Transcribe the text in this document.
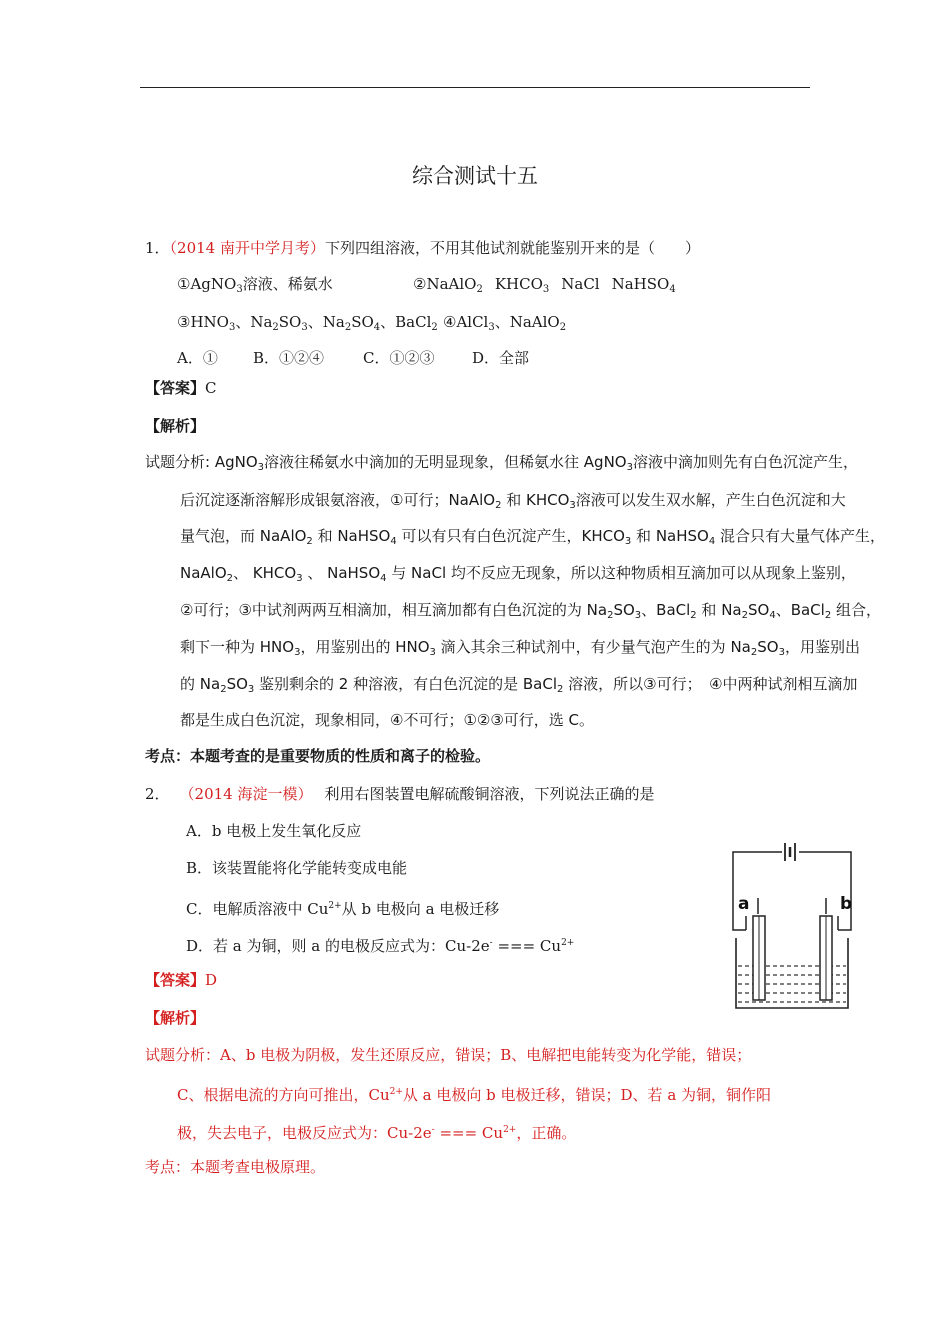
综合测试十五
1．（2014 南开中学月考）下列四组溶液，不用其他试剂就能鉴别开来的是（　　）
①AgNO$_3$溶液、稀氨水	②NaAlO$_2$ $KHCO_3$ NaCl NaHSO$_4$
$③HNO_3$、$Na_2SO_3$、$Na_2SO_4$、BaCl$_2$ ④AlCl$_3$、NaAlO$_2$
A．① B．①②④	C．①②③	D．全部
【答案】C
【解析】
试题分析: AgNO$_3$溶液往稀氨水中滴加的无明显现象，但稀氨水往 AgNO$_3$溶液中滴加则先有白色沉淀产生，
后沉淀逐渐溶解形成银氨溶液，①可行；NaAlO$_2$ 和 $KHCO_3$溶液可以发生双水解，产生白色沉淀和大
量气泡，而 NaAlO$_2$ 和 NaHSO$_4$ 可以有只有白色沉淀产生，$KHCO_3$ 和 NaHSO$_4$ 混合只有大量气体产生，
NaAlO$_2$、 $KHCO_3$ 、 NaHSO$_4$ 与 NaCl 均不反应无现象，所以这种物质相互滴加可以从现象上鉴别，
②可行；③中试剂两两互相滴加，相互滴加都有白色沉淀的为 $Na_2SO_3$、BaCl$_2$ 和 $Na_2SO_4$、BaCl$_2$ 组合，
剩下一种为 $HNO_3$，用鉴别出的 $HNO_3$ 滴入其余三种试剂中，有少量气泡产生的为 $Na_2SO_3$，用鉴别出
的 $Na_2SO_3$ 鉴别剩余的 2 种溶液，有白色沉淀的是 BaCl$_2$ 溶液，所以③可行；　④中两种试剂相互滴加
都是生成白色沉淀，现象相同，④不可行；①②③可行，选 C。
考点：本题考查的是重要物质的性质和离子的检验。
2． （2014 海淀一模） 利用右图装置电解硫酸铜溶液，下列说法正确的是
A．b 电极上发生氧化反应
B．该装置能将化学能转变成电能
C．电解质溶液中 $Cu^{2+}$从 b 电极向 a 电极迁移
D．若 a 为铜，则 a 的电极反应式为：Cu-2e- === $Cu^{2+}$
【答案】D
【解析】
试题分析：A、b 电极为阴极，发生还原反应，错误；B、电解把电能转变为化学能，错误；
C、根据电流的方向可推出，$Cu^{2+}$从 a 电极向 b 电极迁移，错误；D、若 a 为铜，铜作阳
极，失去电子，电极反应式为：Cu-2e- === $Cu^{2+}$，正确。
考点：本题考查电极原理。
a	b
